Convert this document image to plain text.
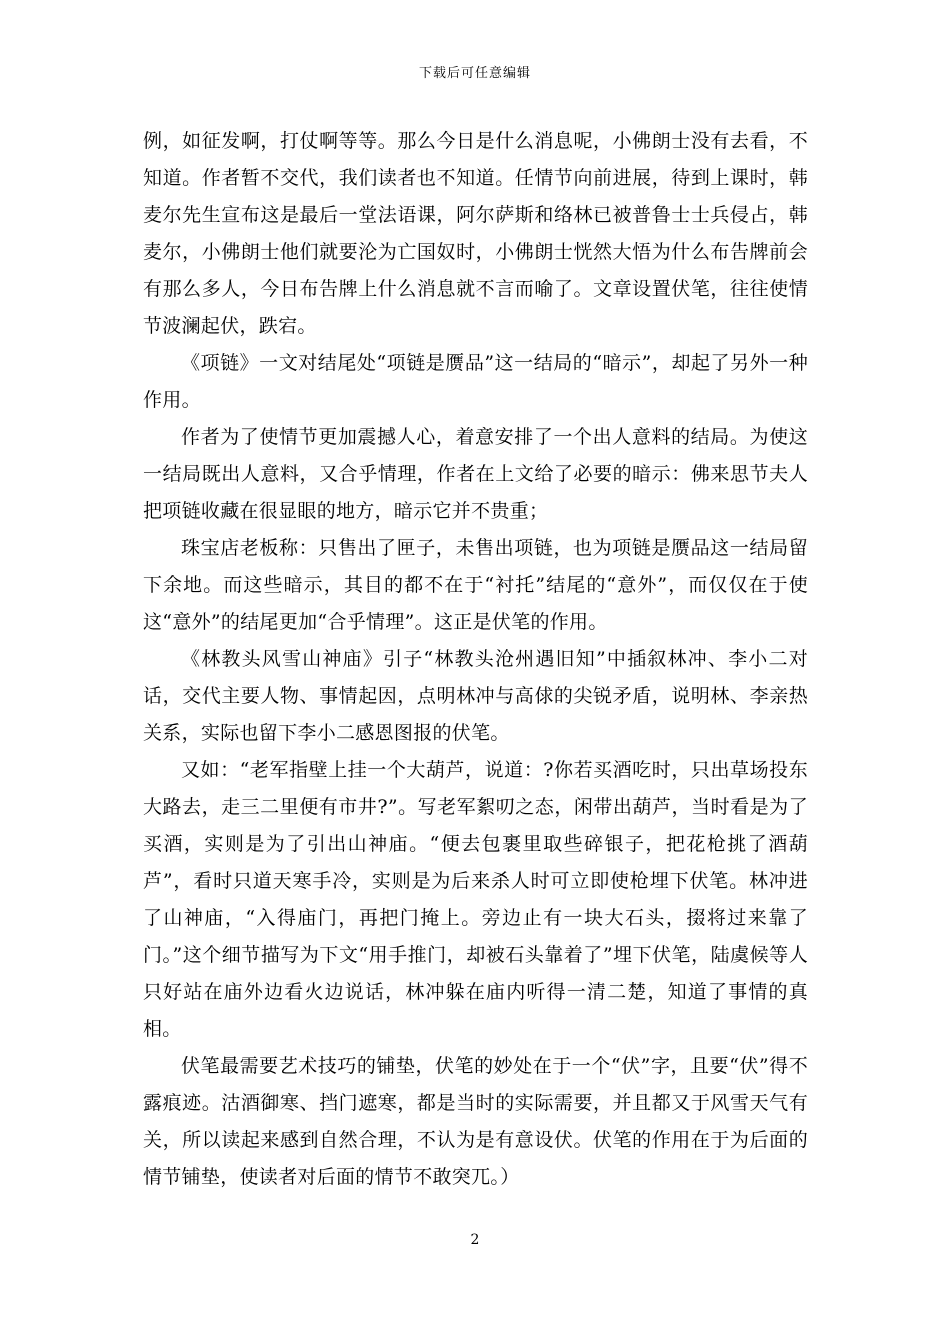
下载后可任意编辑

例，如征发啊，打仗啊等等。那么今日是什么消息呢，小佛朗士没有去看，不知道。作者暂不交代，我们读者也不知道。任情节向前进展，待到上课时，韩麦尔先生宣布这是最后一堂法语课，阿尔萨斯和络林已被普鲁士士兵侵占，韩麦尔，小佛朗士他们就要沦为亡国奴时，小佛朗士恍然大悟为什么布告牌前会有那么多人，今日布告牌上什么消息就不言而喻了。文章设置伏笔，往往使情节波澜起伏，跌宕。

《项链》一文对结尾处“项链是赝品”这一结局的“暗示”，却起了另外一种作用。

作者为了使情节更加震撼人心，着意安排了一个出人意料的结局。为使这一结局既出人意料，又合乎情理，作者在上文给了必要的暗示：佛来思节夫人把项链收藏在很显眼的地方，暗示它并不贵重；

珠宝店老板称：只售出了匣子，未售出项链，也为项链是赝品这一结局留下余地。而这些暗示，其目的都不在于“衬托”结尾的“意外”，而仅仅在于使这“意外”的结尾更加“合乎情理”。这正是伏笔的作用。

《林教头风雪山神庙》引子“林教头沧州遇旧知”中插叙林冲、李小二对话，交代主要人物、事情起因，点明林冲与高俅的尖锐矛盾，说明林、李亲热关系，实际也留下李小二感恩图报的伏笔。

又如：“老军指壁上挂一个大葫芦，说道：?你若买酒吃时，只出草场投东大路去，走三二里便有市井?”。写老军絮叨之态，闲带出葫芦，当时看是为了买酒，实则是为了引出山神庙。“便去包裹里取些碎银子，把花枪挑了酒葫芦”，看时只道天寒手冷，实则是为后来杀人时可立即使枪埋下伏笔。林冲进了山神庙，“入得庙门，再把门掩上。旁边止有一块大石头，掇将过来靠了门。”这个细节描写为下文“用手推门，却被石头靠着了”埋下伏笔，陆虞候等人只好站在庙外边看火边说话，林冲躲在庙内听得一清二楚，知道了事情的真相。

伏笔最需要艺术技巧的铺垫，伏笔的妙处在于一个“伏”字，且要“伏”得不露痕迹。沽酒御寒、挡门遮寒，都是当时的实际需要，并且都又于风雪天气有关，所以读起来感到自然合理，不认为是有意设伏。伏笔的作用在于为后面的情节铺垫，使读者对后面的情节不敢突兀。）

2
